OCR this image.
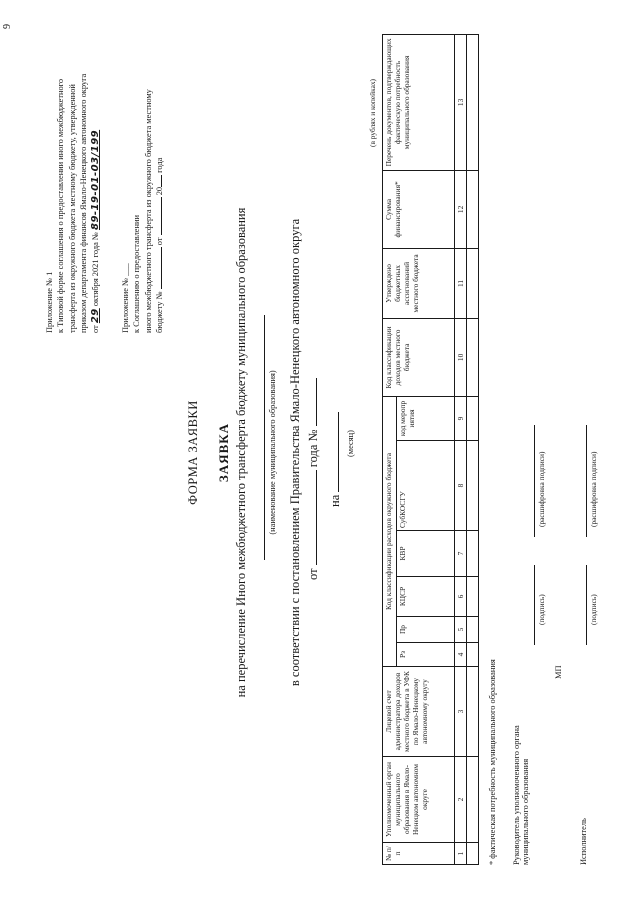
9
Приложение № 1 к Типовой форме соглашения о предоставлении иного межбюджетного трансферта из окружного бюджета местному бюджету, утвержденной приказом департамента финансов Ямало-Ненецкого автономного округа от 29 октября 2021 года № 89-19-01-03/199
Приложение № ___ к Соглашению о предоставлении иного межбюджетного трансферта из окружного бюджета местному бюджету №  от  20 года
ФОРМА ЗАЯВКИ ЗАЯВКА на перечисление Иного межбюджетного трансферта бюджету муниципального образования (наименование муниципального образования) в соответствии с постановлением Правительства Ямало-Ненецкого автономного округа от  года №
на
(месяц)
(в рублях и копейках)
№ п/п	Уполномоченный орган муниципального образования в Ямало-Ненецком автономном округе	Лицевой счет администратора доходов местного бюджета в УФК по Ямало-Ненецкому автономному округу	Код классификации расходов окружного бюджета						Код классификации доходов местного бюджета	Утверждено бюджетных ассигнований местного бюджета	Сумма финансирования*	Перечень документов, подтверждающих фактическую потребность муниципального образования
			Рз	Пр	КЦСР	КВР	СубКОСГУ	код меропр иятия				
1	2	3	4	5	6	7	8	9	10	11	12	13

* фактическая потребность муниципального образования Руководитель уполномоченного органа муниципального образования
(подпись)
(расшифровка подписи)
МП
Исполнитель
(подпись)
(расшифровка подписи)
